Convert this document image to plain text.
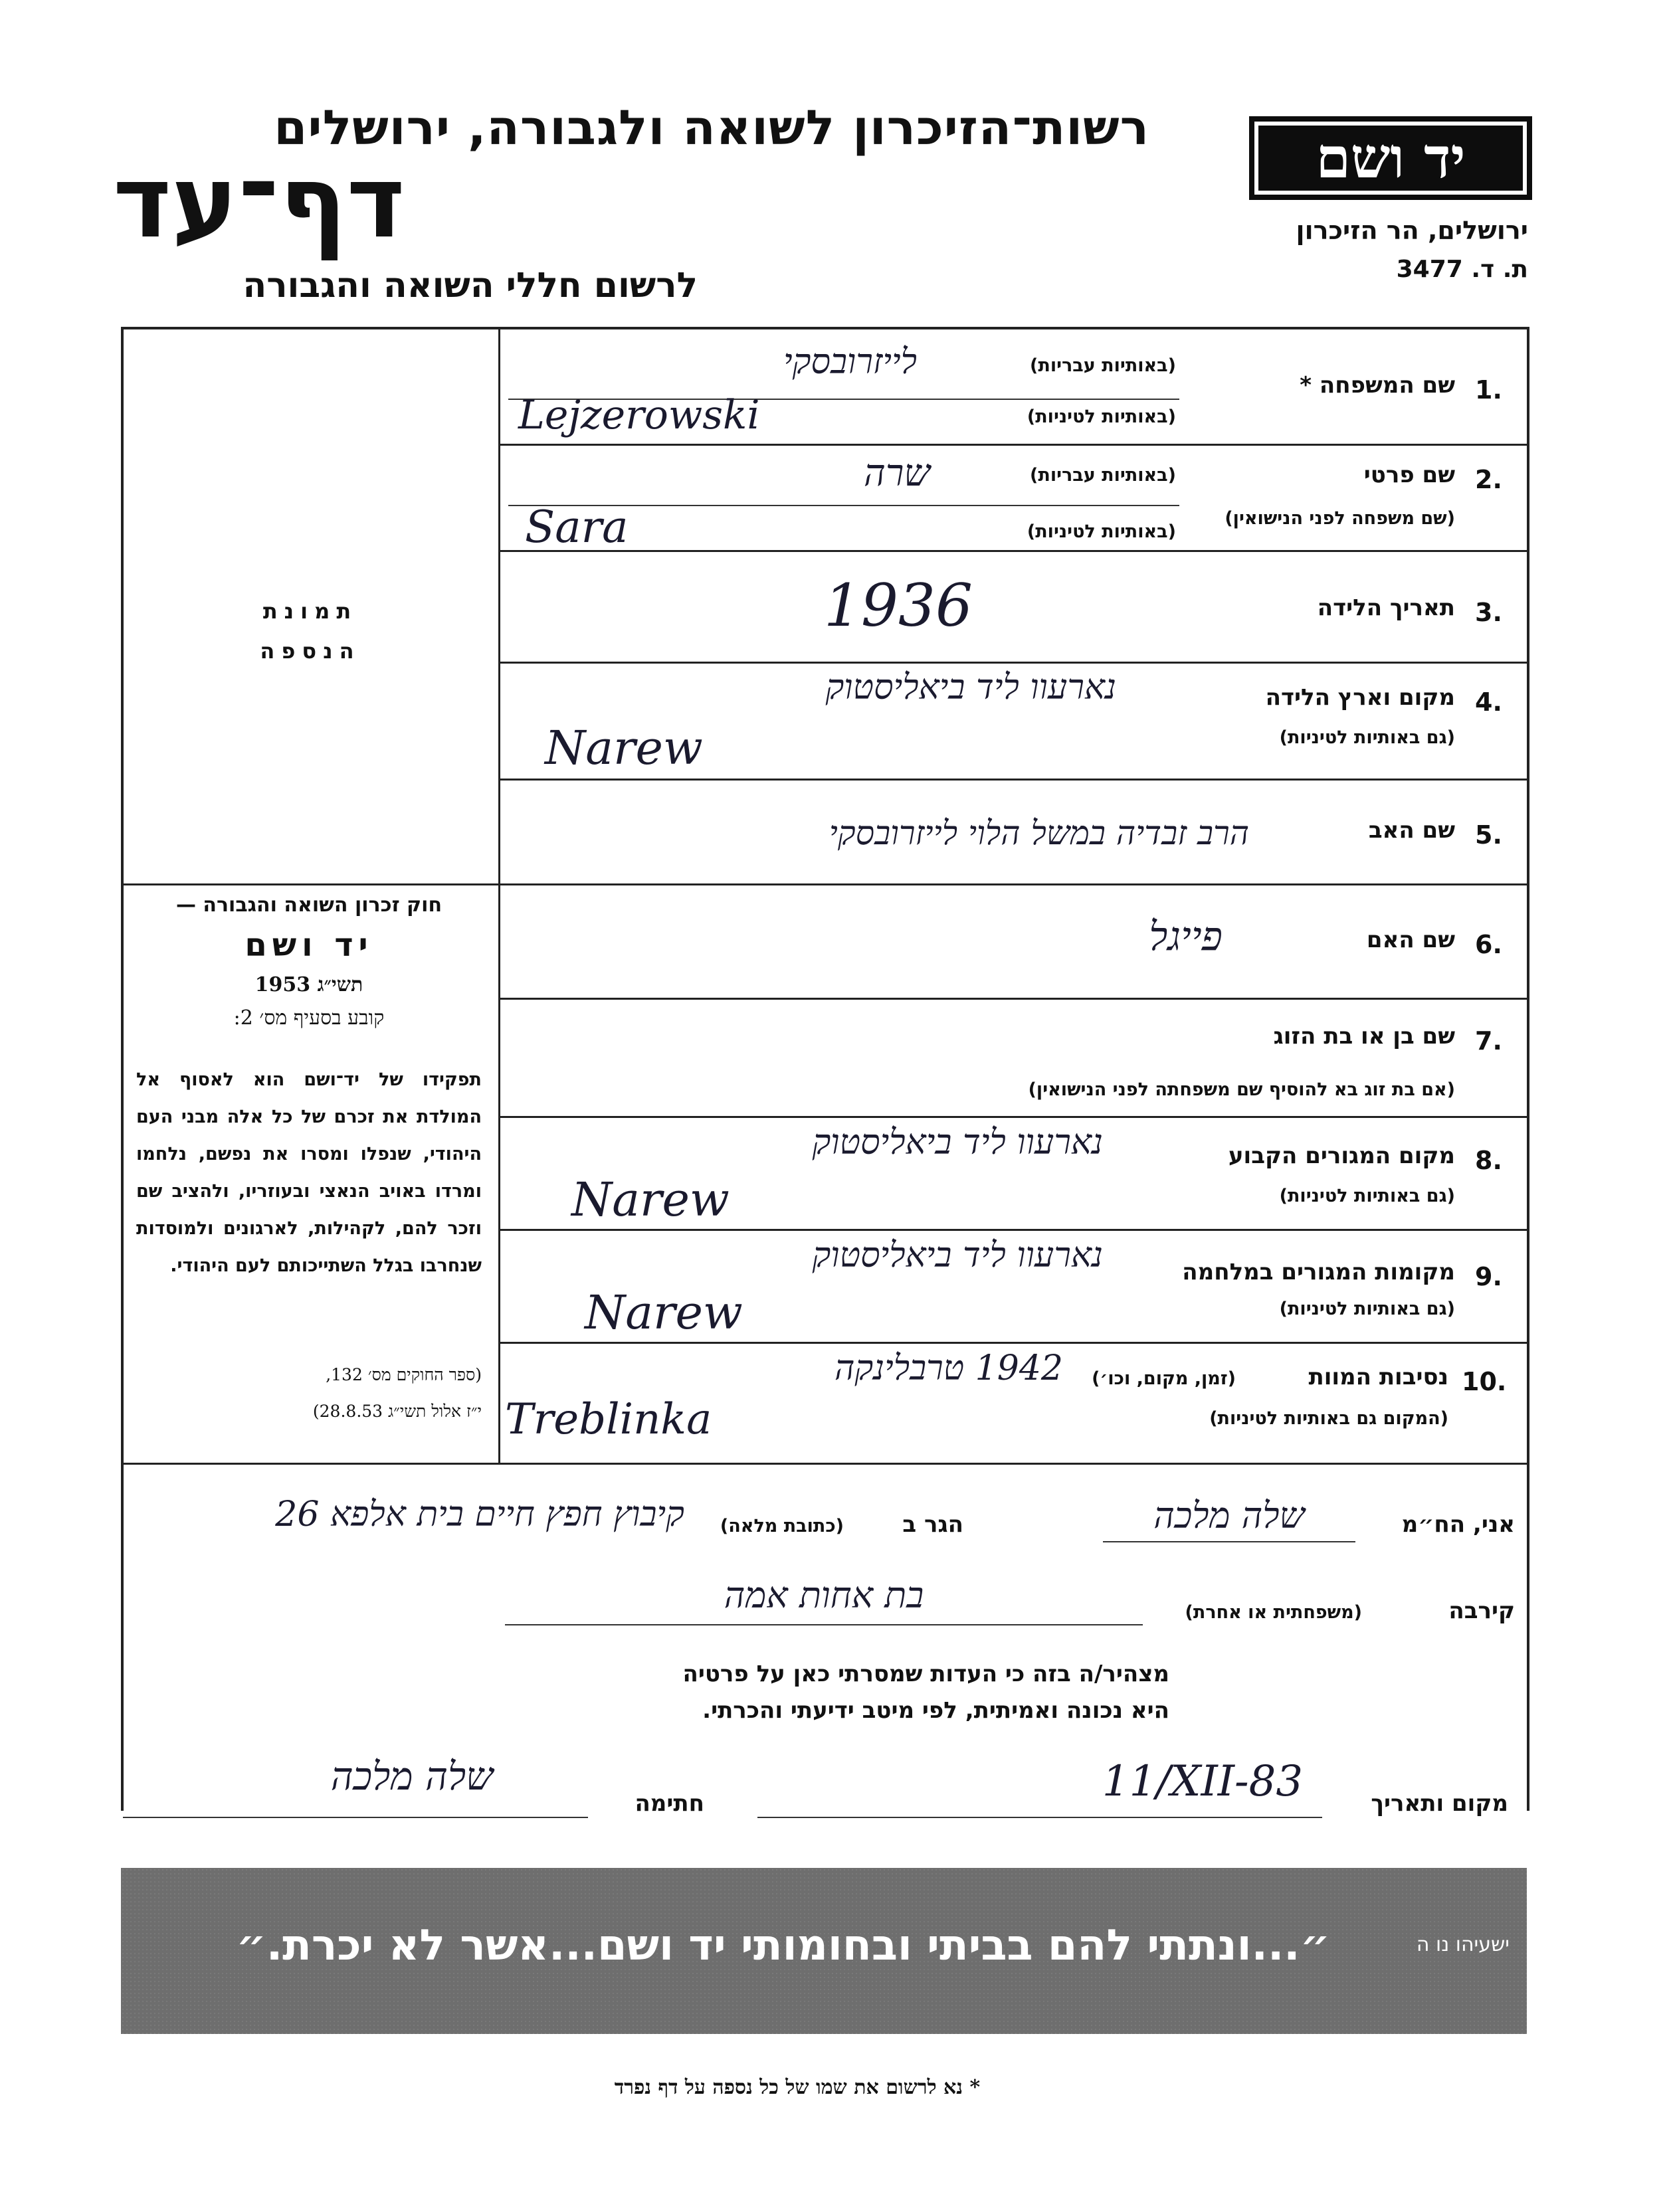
רשות־הזיכרון לשואה ולגבורה, ירושלים
דף־עד
לרשום חללי השואה והגבורה
יד ושם
ירושלים, הר הזיכרון
ת. ד. 3477
תמונת
הנספה
חוק זכרון השואה והגבורה —
יד ושם
תשי״ג 1953
קובע בסעיף מס׳ 2:
תפקידו של יד־ושם הוא לאסוף אל המולדת את זכרם של כל אלה מבני העם היהודי, שנפלו ומסרו את נפשם, נלחמו ומרדו באויב הנאצי ובעוזריו, ולהציב שם וזכר להם, לקהילות, לארגונים ולמוסדות שנחרבו בגלל השתייכותם לעם היהודי.
(ספר החוקים מס׳ 132,
י״ז אלול תשי״ג 28.8.53)
1.
שם המשפחה *
(באותיות עבריות)
(באותיות לטיניות)
לייזרובסקי
Lejzerowski
2.
שם פרטי
(שם משפחה לפני הנישואין)
(באותיות עבריות)
(באותיות לטיניות)
שרה
Sara
3.
תאריך הלידה
1936
4.
מקום וארץ הלידה
(גם באותיות לטיניות)
נארעוו ליד ביאליסטוק
Narew
5.
שם האב
הרב זבדיה במשל הלוי לייזרובסקי
6.
שם האם
פייגל
7.
שם בן או בת הזוג
(אם בת זוג בא להוסיף שם משפחתה לפני הנישואין)
8.
מקום המגורים הקבוע
(גם באותיות לטיניות)
נארעוו ליד ביאליסטוק
Narew
9.
מקומות המגורים במלחמה
(גם באותיות לטיניות)
נארעוו ליד ביאליסטוק
Narew
10.
נסיבות המוות
(זמן, מקום, וכו׳)
(המקום גם באותיות לטיניות)
1942 טרבלינקה
Treblinka
אני, הח״מ
שלה מלכה
הגר ב
(כתובת מלאה)
קיבוץ חפץ חיים בית אלפא 26
קירבה
(משפחתית או אחרת)
בת אחות אמה
מצהיר/ה בזה כי העדות שמסרתי כאן על פרטיה
היא נכונה ואמיתית, לפי מיטב ידיעתי והכרתי.
מקום ותאריך
11/XII-83
חתימה
שלה מלכה
״...ונתתי להם בביתי ובחומותי יד ושם...אשר לא יכרת.״	ישעיהו נו ה
* נא לרשום את שמו של כל נספה על דף נפרד
